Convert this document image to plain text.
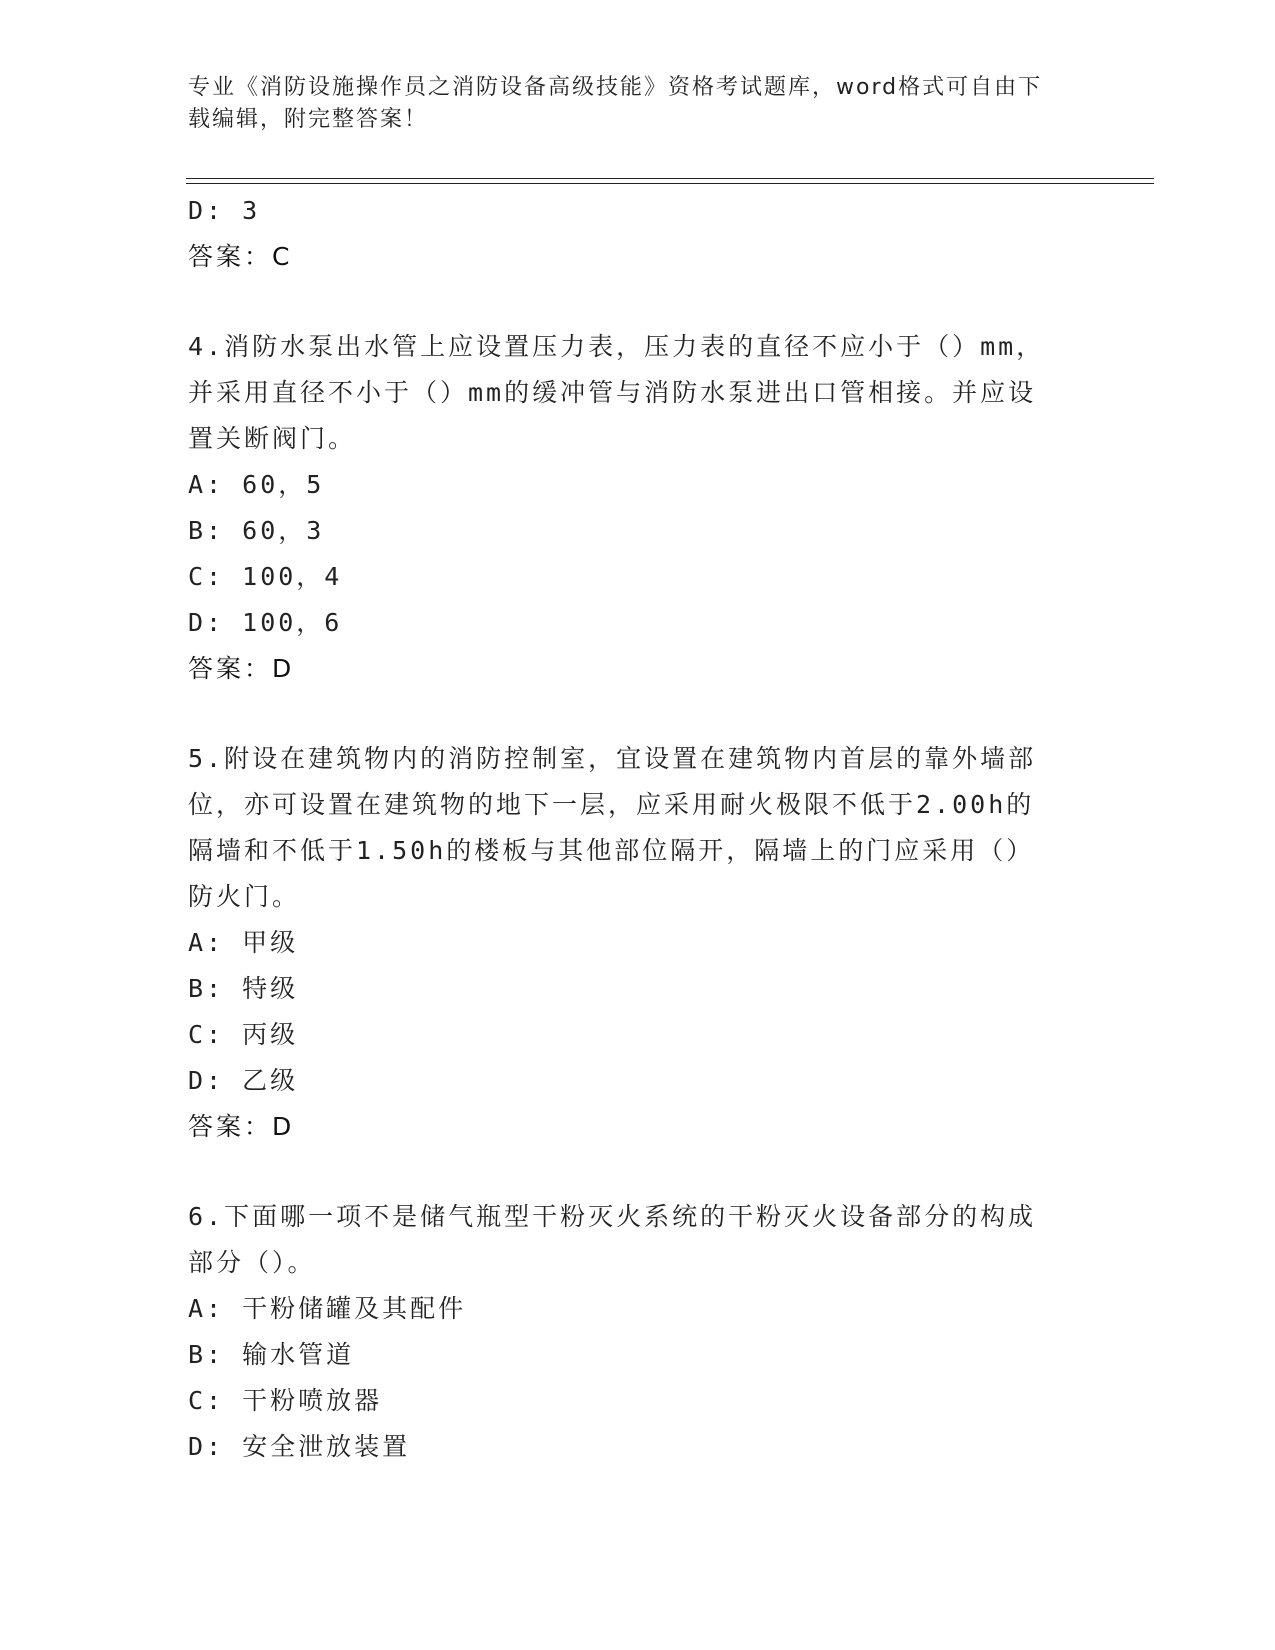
专业《消防设施操作员之消防设备高级技能》资格考试题库，word格式可自由下
载编辑，附完整答案！
D: 3
答案：C
4.消防水泵出水管上应设置压力表，压力表的直径不应小于（）mm，
并采用直径不小于（）mm的缓冲管与消防水泵进出口管相接。并应设
置关断阀门。
A: 60，5
B: 60，3
C: 100，4
D: 100，6
答案：D
5.附设在建筑物内的消防控制室，宜设置在建筑物内首层的靠外墙部
位，亦可设置在建筑物的地下一层，应采用耐火极限不低于2.00h的
隔墙和不低于1.50h的楼板与其他部位隔开，隔墙上的门应采用（）
防火门。
A: 甲级
B: 特级
C: 丙级
D: 乙级
答案：D
6.下面哪一项不是储气瓶型干粉灭火系统的干粉灭火设备部分的构成
部分（）。
A: 干粉储罐及其配件
B: 输水管道
C: 干粉喷放器
D: 安全泄放装置
